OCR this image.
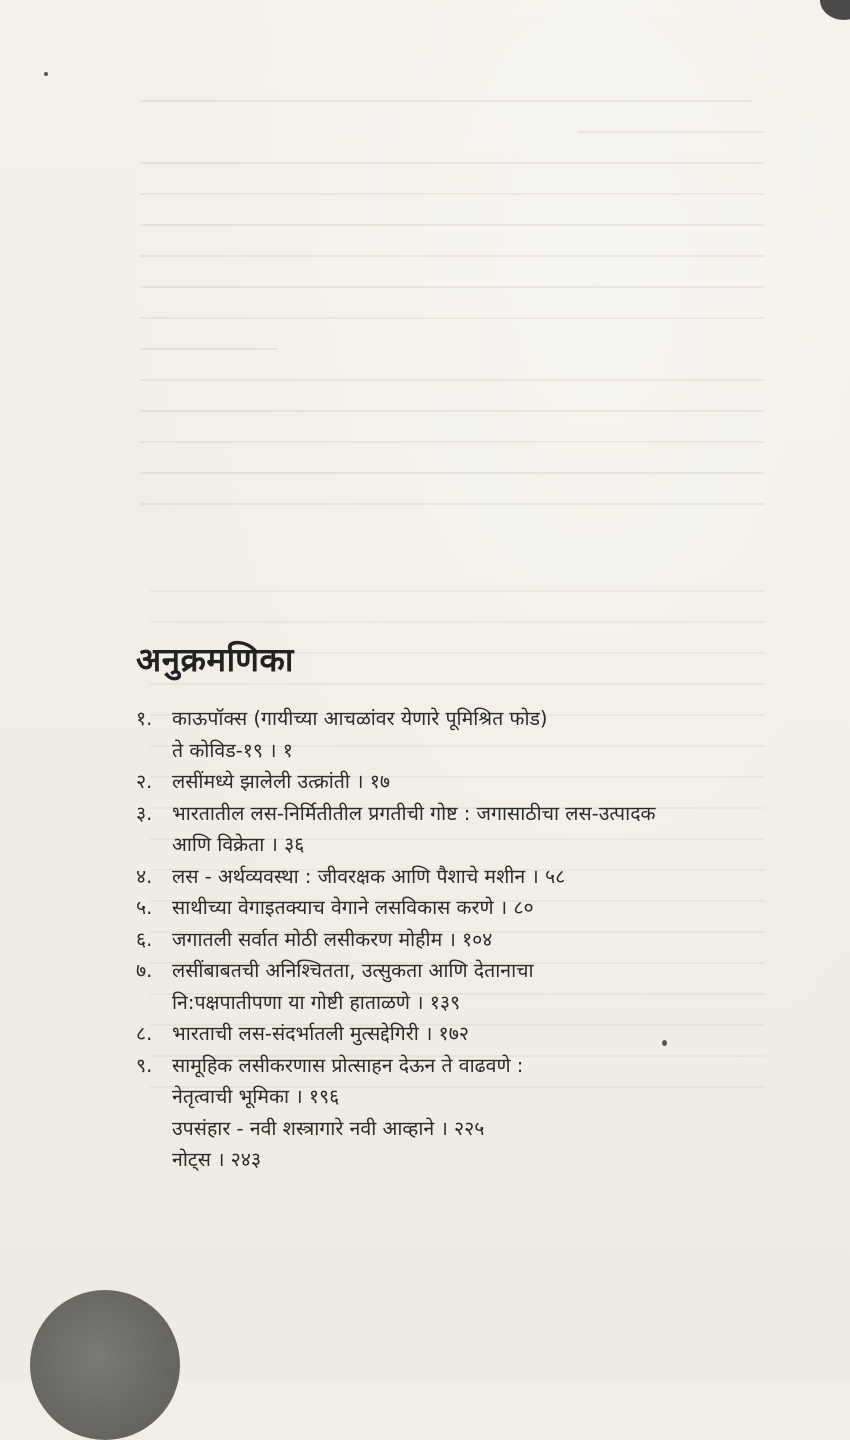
अनुक्रमणिका
१.	काऊपॉक्स (गायीच्या आचळांवर येणारे पूमिश्रित फोड)
ते कोविड-१९ । १
२.	लसींमध्ये झालेली उत्क्रांती । १७
३.	भारतातील लस-निर्मितीतील प्रगतीची गोष्ट : जगासाठीचा लस-उत्पादक
आणि विक्रेता । ३६
४.	लस - अर्थव्यवस्था : जीवरक्षक आणि पैशाचे मशीन । ५८
५.	साथीच्या वेगाइतक्याच वेगाने लसविकास करणे । ८०
६.	जगातली सर्वात मोठी लसीकरण मोहीम । १०४
७.	लसींबाबतची अनिश्चितता, उत्सुकता आणि देतानाचा
नि:पक्षपातीपणा या गोष्टी हाताळणे । १३९
८.	भारताची लस-संदर्भातली मुत्सद्देगिरी । १७२
९.	सामूहिक लसीकरणास प्रोत्साहन देऊन ते वाढवणे :
नेतृत्वाची भूमिका । १९६
उपसंहार - नवी शस्त्रागारे नवी आव्हाने । २२५
नोट्स । २४३
